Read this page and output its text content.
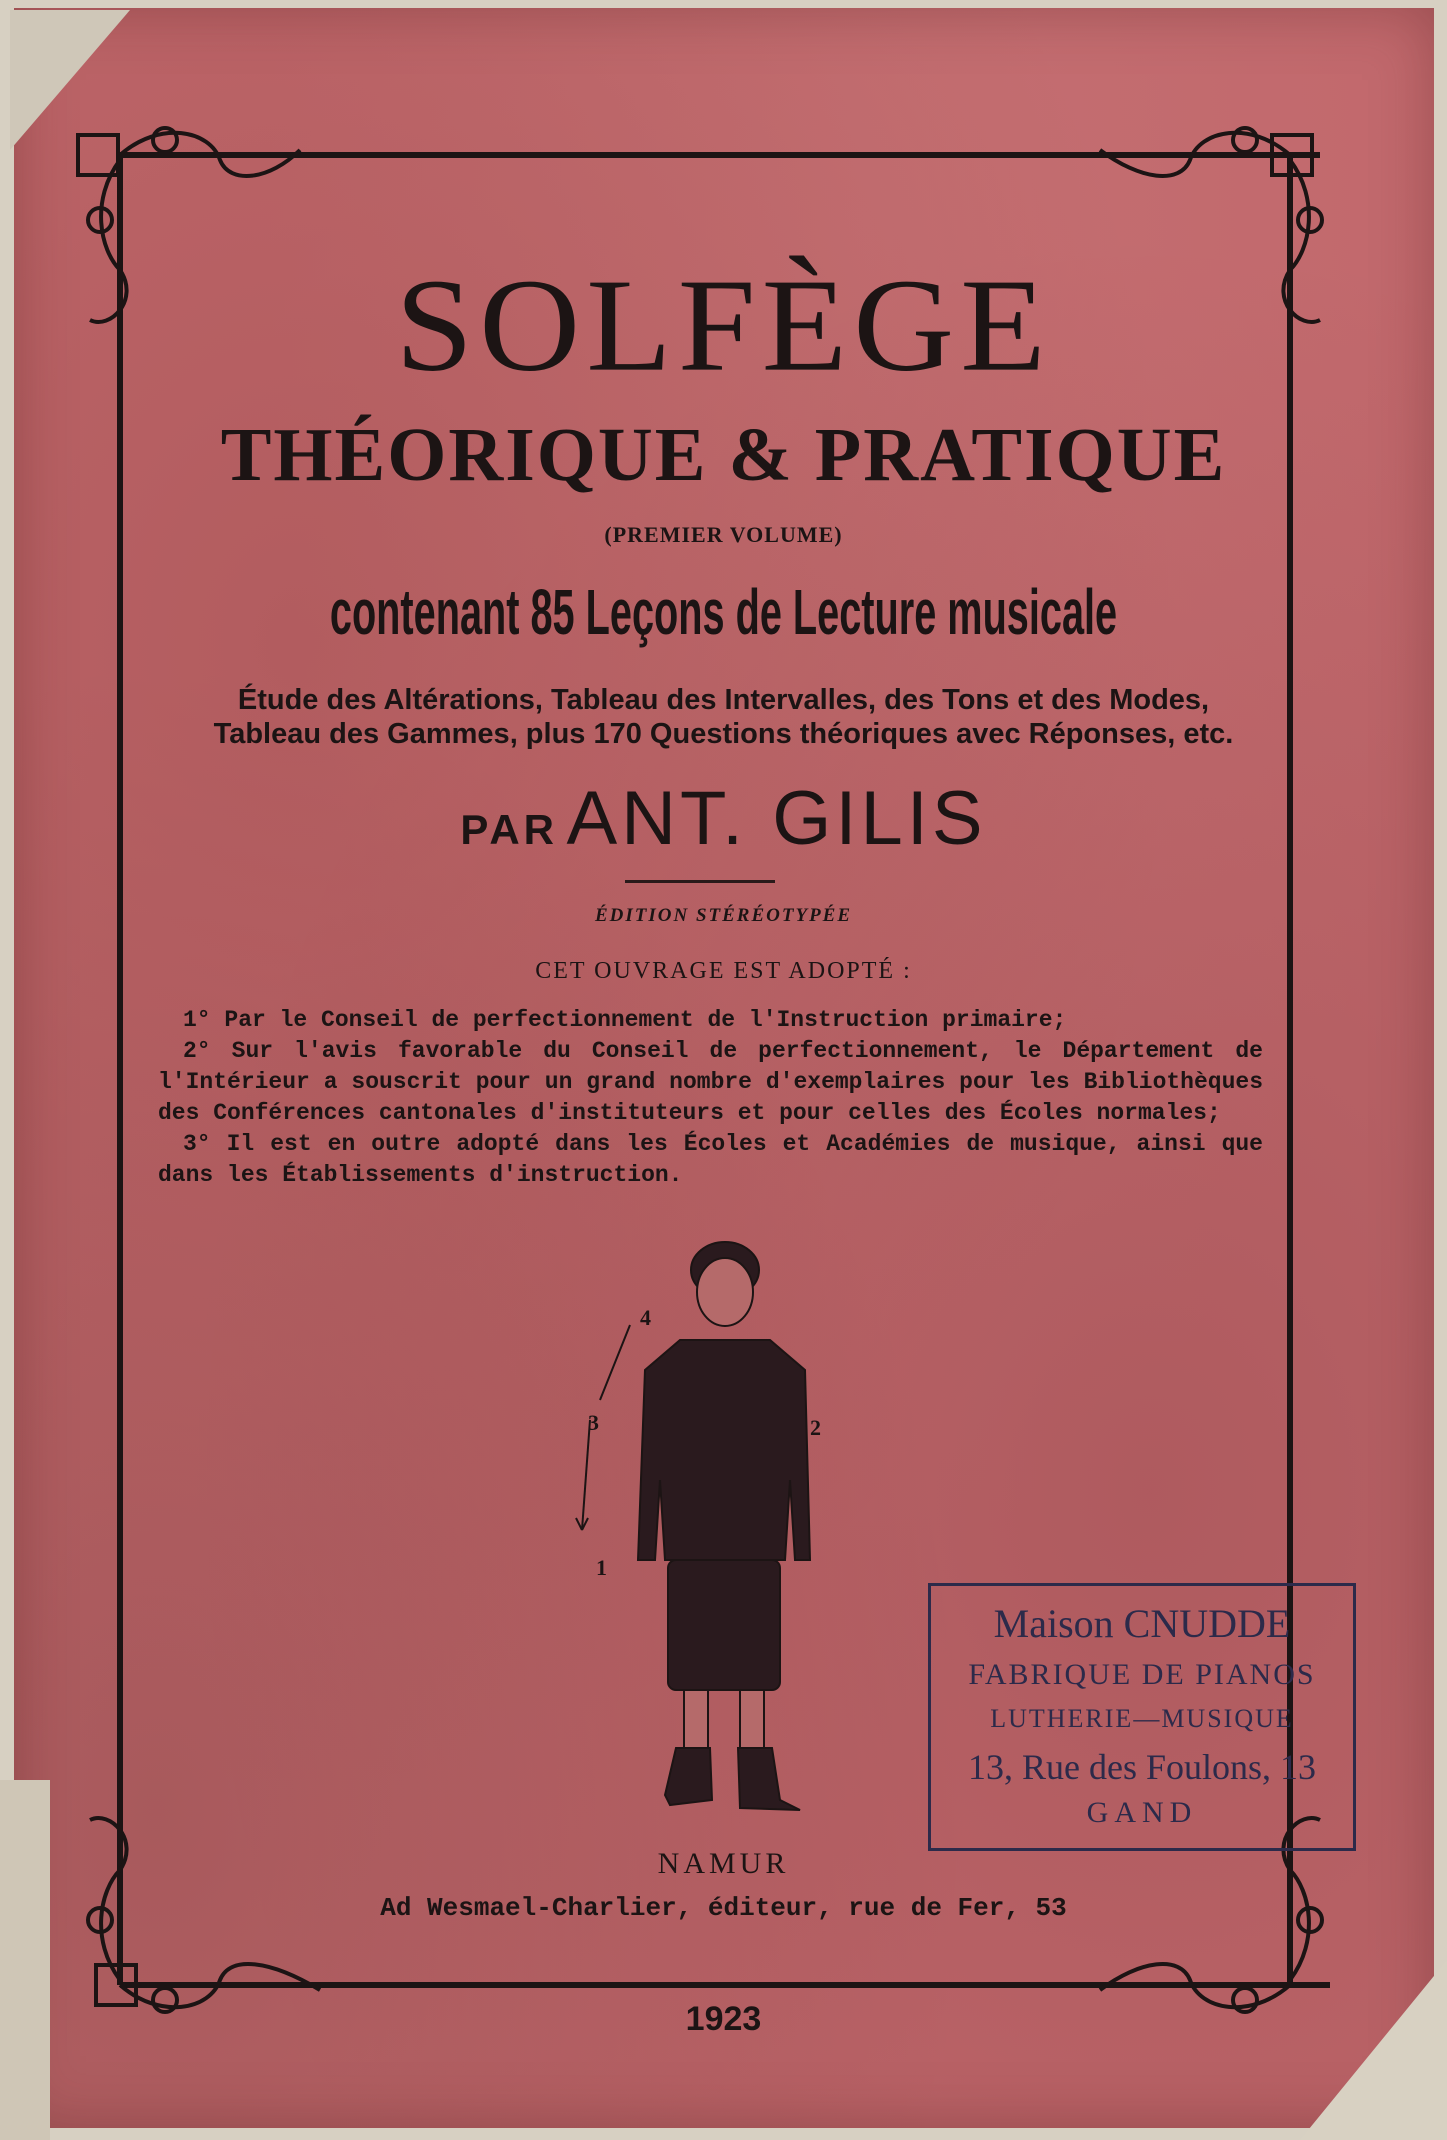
SOLFÈGE
THÉORIQUE & PRATIQUE
(PREMIER VOLUME)
contenant 85 Leçons de Lecture musicale
Étude des Altérations, Tableau des Intervalles, des Tons et des Modes,
Tableau des Gammes, plus 170 Questions théoriques avec Réponses, etc.
PAR ANT. GILIS
ÉDITION STÉRÉOTYPÉE
CET OUVRAGE EST ADOPTÉ :
1° Par le Conseil de perfectionnement de l'Instruction primaire;
2° Sur l'avis favorable du Conseil de perfectionnement, le Département de l'Intérieur a souscrit pour un grand nombre d'exemplaires pour les Bibliothèques des Conférences cantonales d'instituteurs et pour celles des Écoles normales;
3° Il est en outre adopté dans les Écoles et Académies de musique, ainsi que dans les Établissements d'instruction.
4
3	2
1
Maison CNUDDE
FABRIQUE DE PIANOS
LUTHERIE—MUSIQUE
13, Rue des Foulons, 13
GAND
NAMUR
Ad Wesmael-Charlier, éditeur, rue de Fer, 53
1923
